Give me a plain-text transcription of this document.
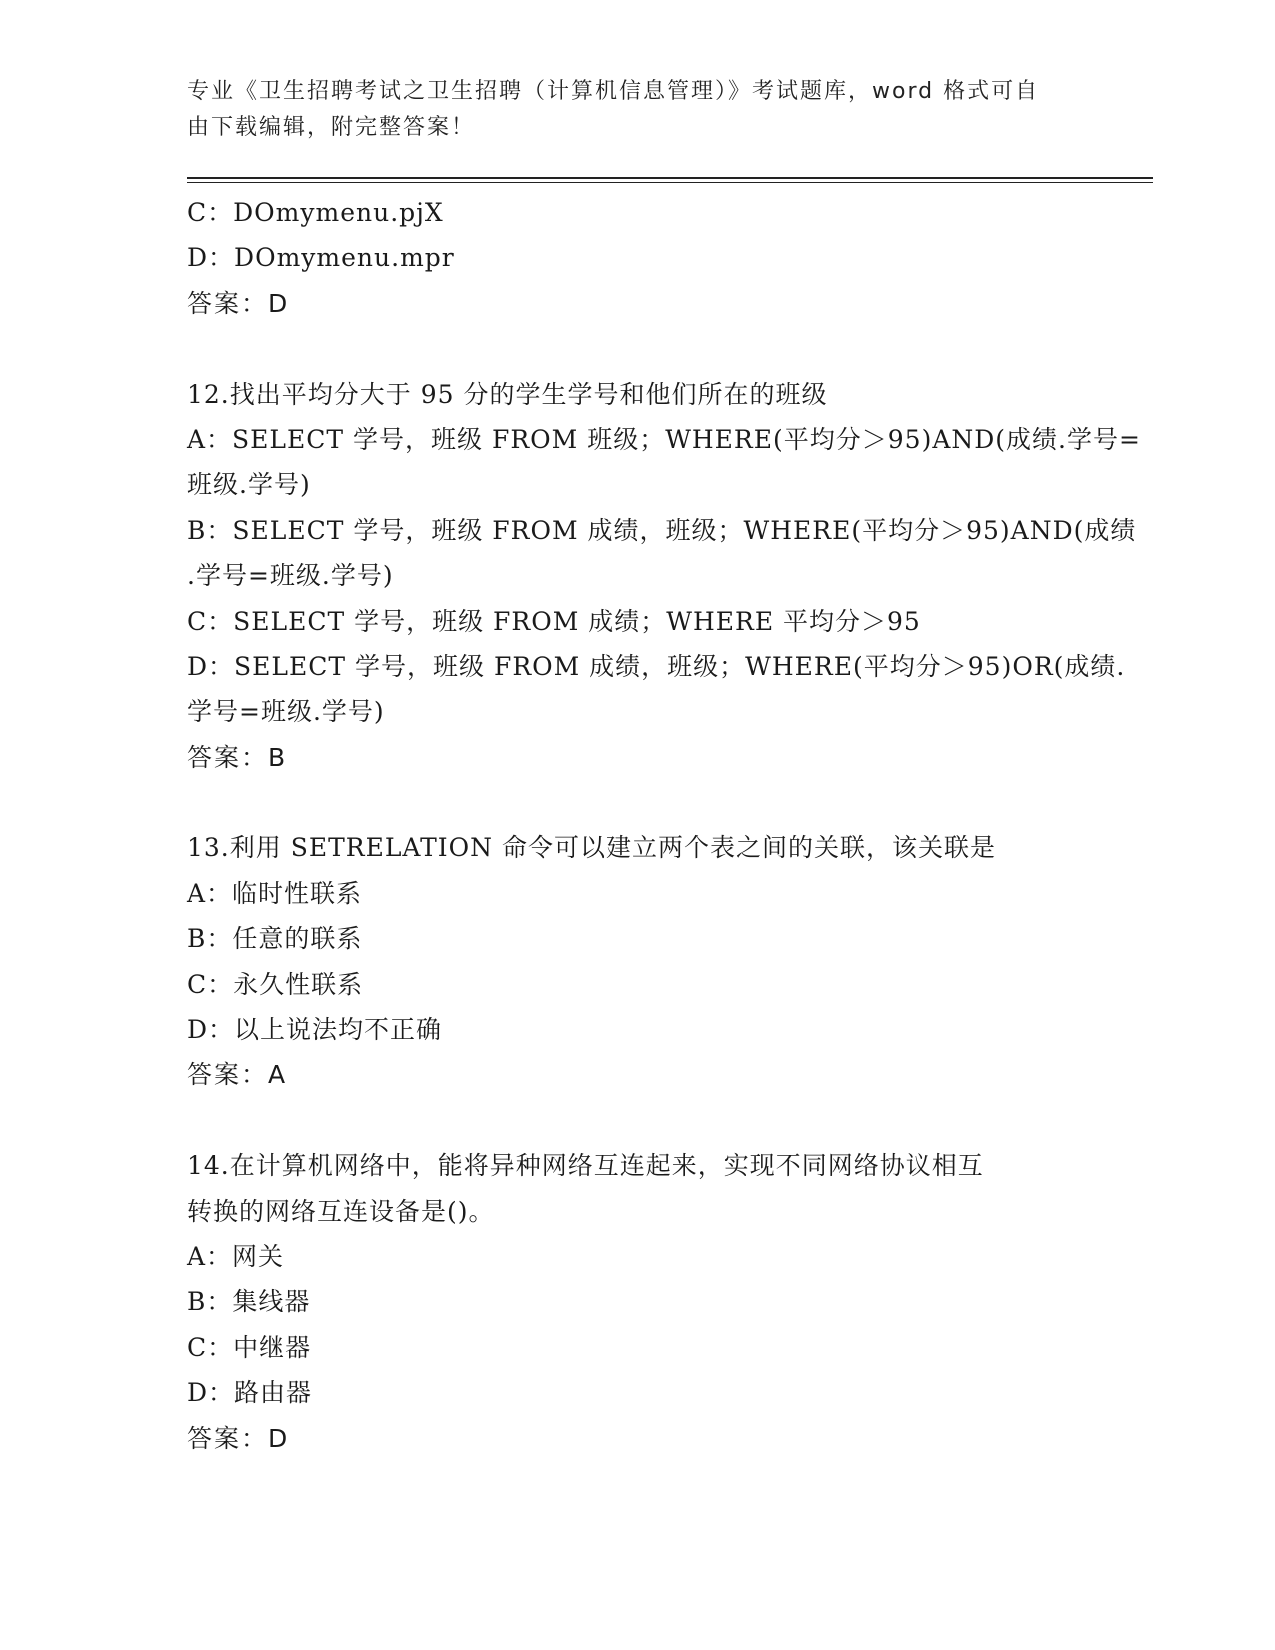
专业《卫生招聘考试之卫生招聘（计算机信息管理）》考试题库，word 格式可自
由下载编辑，附完整答案！
C：DOmymenu.pjX
D：DOmymenu.mpr
答案：D
12.找出平均分大于 95 分的学生学号和他们所在的班级
A：SELECT 学号，班级 FROM 班级；WHERE(平均分＞95)AND(成绩.学号=
班级.学号)
B：SELECT 学号，班级 FROM 成绩，班级；WHERE(平均分＞95)AND(成绩
.学号=班级.学号)
C：SELECT 学号，班级 FROM 成绩；WHERE 平均分＞95
D：SELECT 学号，班级 FROM 成绩，班级；WHERE(平均分＞95)OR(成绩.
学号=班级.学号)
答案：B
13.利用 SETRELATION 命令可以建立两个表之间的关联，该关联是
A：临时性联系
B：任意的联系
C：永久性联系
D：以上说法均不正确
答案：A
14.在计算机网络中，能将异种网络互连起来，实现不同网络协议相互
转换的网络互连设备是()。
A：网关
B：集线器
C：中继器
D：路由器
答案：D
